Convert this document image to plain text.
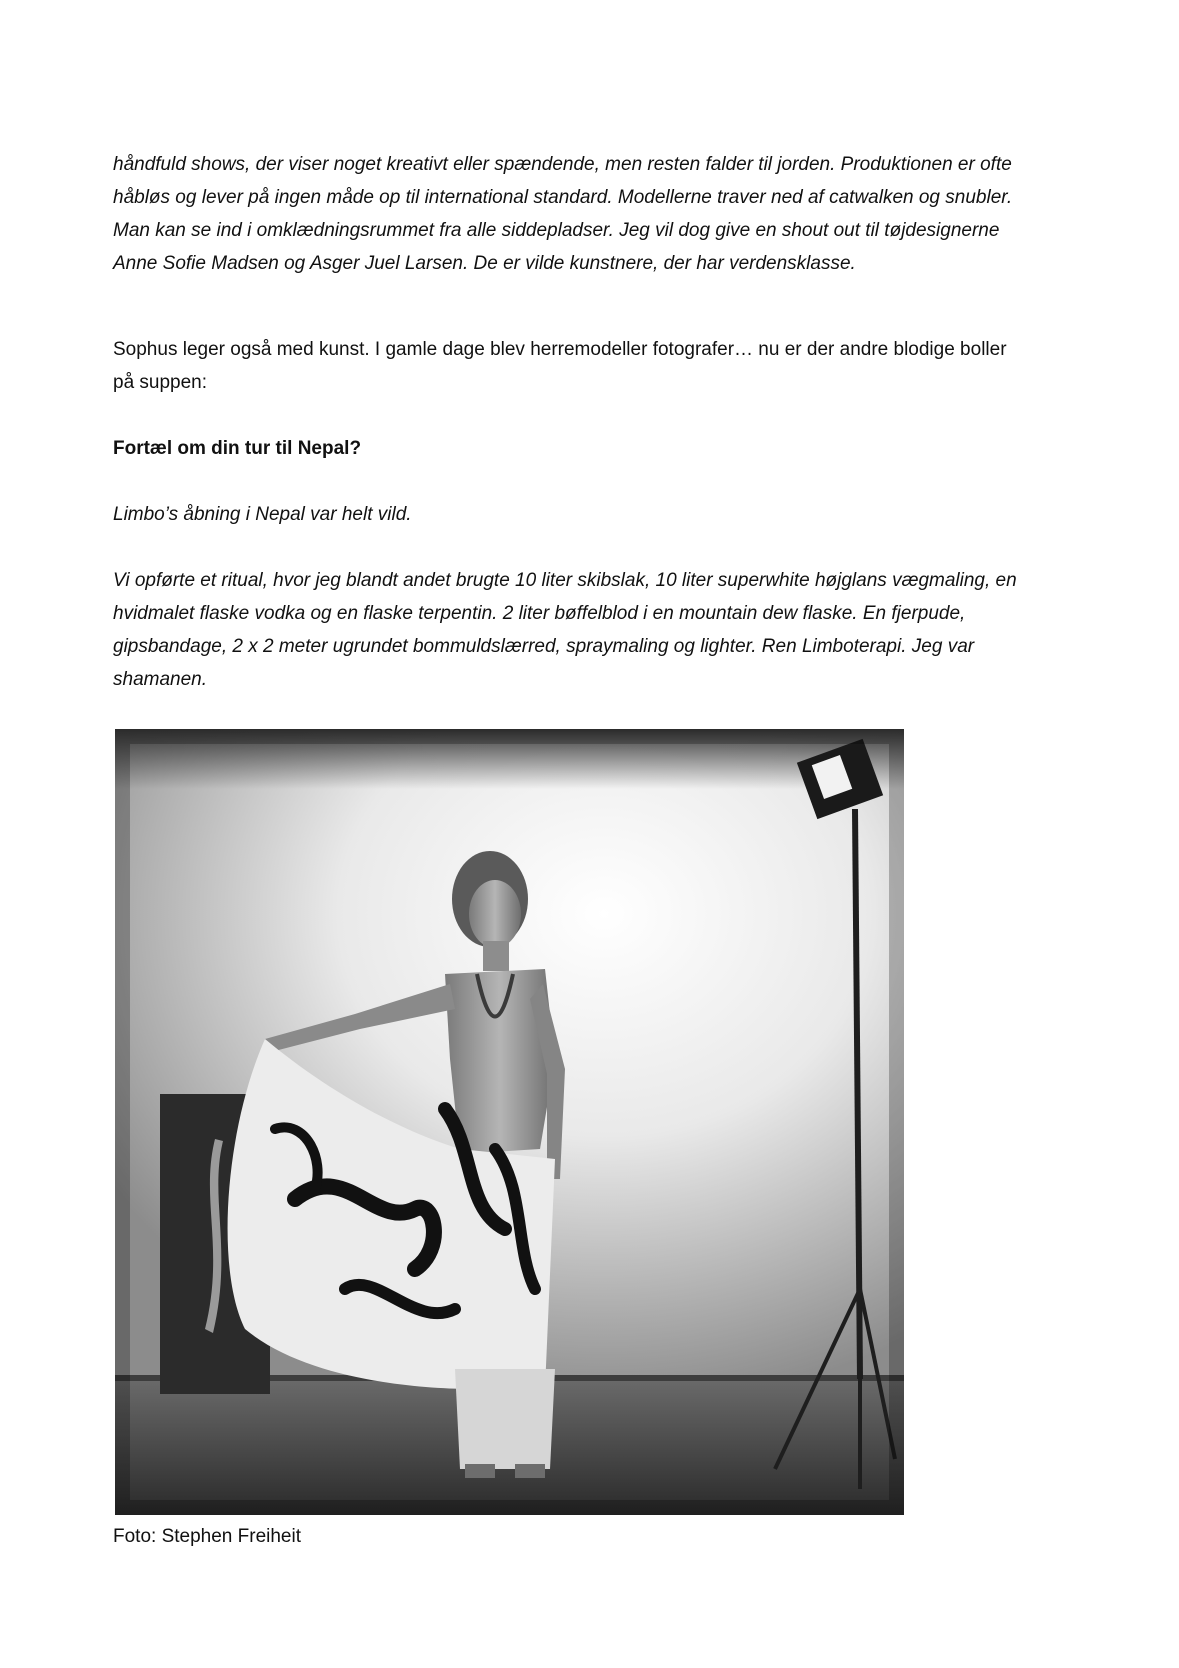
håndfuld shows, der viser noget kreativt eller spændende, men resten falder til jorden. Produktionen er ofte
håbløs og lever på ingen måde op til international standard. Modellerne traver ned af catwalken og snubler.
Man kan se ind i omklædningsrummet fra alle siddepladser. Jeg vil dog give en shout out til tøjdesignerne
Anne Sofie Madsen og Asger Juel Larsen. De er vilde kunstnere, der har verdensklasse.

Sophus leger også med kunst. I gamle dage blev herremodeller fotografer… nu er der andre blodige boller
på suppen:

Fortæl om din tur til Nepal?

Limbo’s åbning i Nepal var helt vild.

Vi opførte et ritual, hvor jeg blandt andet brugte 10 liter skibslak, 10 liter superwhite højglans vægmaling, en
hvidmalet flaske vodka og en flaske terpentin. 2 liter bøffelblod i en mountain dew flaske. En fjerpude,
gipsbandage, 2 x 2 meter ugrundet bommuldslærred, spraymaling og lighter. Ren Limboterapi. Jeg var
shamanen.

Foto: Stephen Freiheit
